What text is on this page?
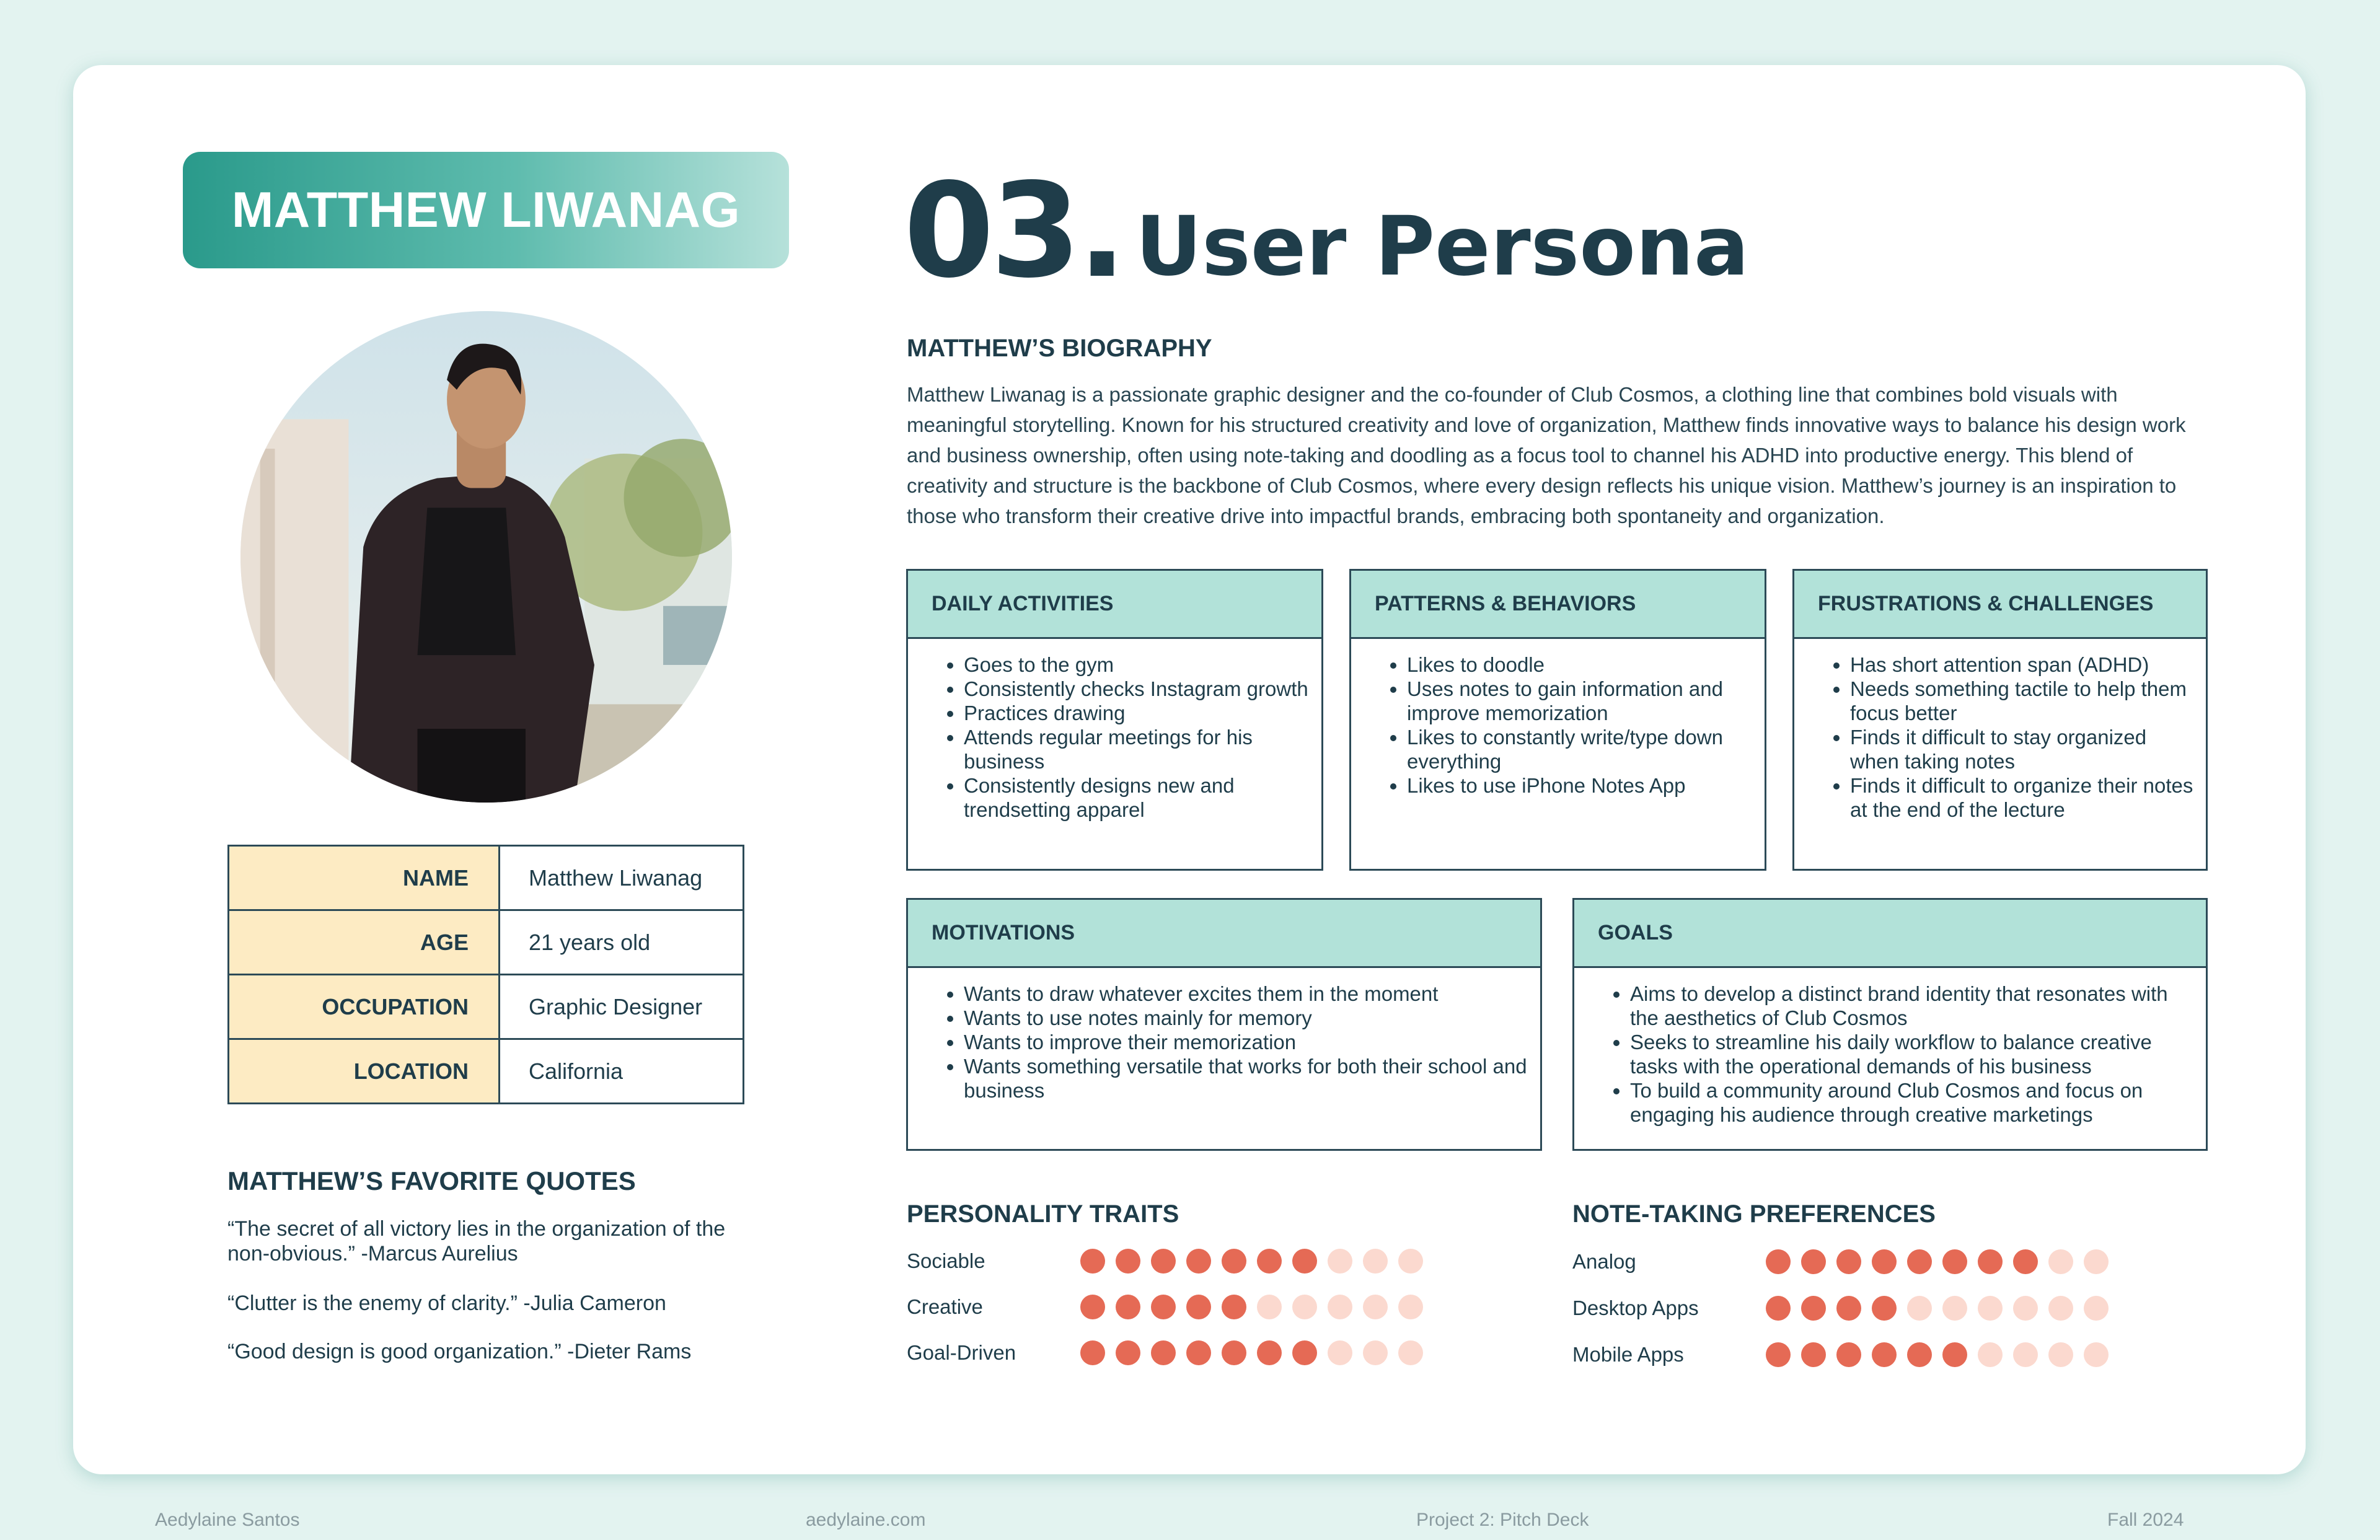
MATTHEW LIWANAG
NAME	Matthew Liwanag
AGE	21 years old
OCCUPATION	Graphic Designer
LOCATION	California
MATTHEW’S FAVORITE QUOTES
“The secret of all victory lies in the organization of the non-obvious.” -Marcus Aurelius
“Clutter is the enemy of clarity.” -Julia Cameron
“Good design is good organization.” -Dieter Rams
03. User Persona
MATTHEW’S BIOGRAPHY
Matthew Liwanag is a passionate graphic designer and the co-founder of Club Cosmos, a clothing line that combines bold visuals with meaningful storytelling. Known for his structured creativity and love of organization, Matthew finds innovative ways to balance his design work and business ownership, often using note-taking and doodling as a focus tool to channel his ADHD into productive energy. This blend of creativity and structure is the backbone of Club Cosmos, where every design reflects his unique vision. Matthew’s journey is an inspiration to those who transform their creative drive into impactful brands, embracing both spontaneity and organization.
DAILY ACTIVITIES
• Goes to the gym
• Consistently checks Instagram growth
• Practices drawing
• Attends regular meetings for his business
• Consistently designs new and trendsetting apparel
PATTERNS & BEHAVIORS
• Likes to doodle
• Uses notes to gain information and improve memorization
• Likes to constantly write/type down everything
• Likes to use iPhone Notes App
FRUSTRATIONS & CHALLENGES
• Has short attention span (ADHD)
• Needs something tactile to help them focus better
• Finds it difficult to stay organized when taking notes
• Finds it difficult to organize their notes at the end of the lecture
MOTIVATIONS
• Wants to draw whatever excites them in the moment
• Wants to use notes mainly for memory
• Wants to improve their memorization
• Wants something versatile that works for both their school and business
GOALS
• Aims to develop a distinct brand identity that resonates with the aesthetics of Club Cosmos
• Seeks to streamline his daily workflow to balance creative tasks with the operational demands of his business
• To build a community around Club Cosmos and focus on engaging his audience through creative marketings
PERSONALITY TRAITS
Sociable
Creative
Goal-Driven
NOTE-TAKING PREFERENCES
Analog
Desktop Apps
Mobile Apps
Aedylaine Santos	aedylaine.com	Project 2: Pitch Deck	Fall 2024
